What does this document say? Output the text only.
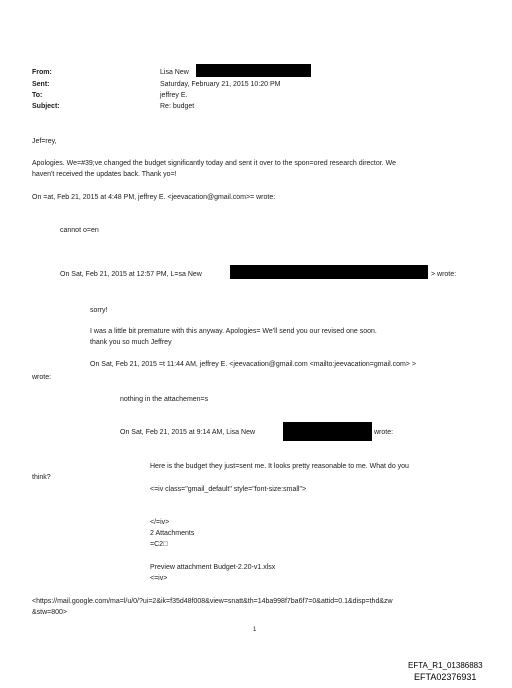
From:
Sent:
To:
Subject:
Lisa New
Saturday, February 21, 2015 10:20 PM
jeffrey E.
Re: budget
Jef=rey,
Apologies. We=#39;ve changed the budget significantly today and sent it over to the spon=ored research director. We
haven't received the updates back. Thank yo=!
On =at, Feb 21, 2015 at 4:48 PM, jeffrey E. <jeevacation@gmail.com>= wrote:
cannot o=en
On Sat, Feb 21, 2015 at 12:57 PM, L=sa New	> wrote:
sorry!
I was a little bit premature with this anyway. Apologies= We'll send you our revised one soon.
thank you so much Jeffrey
On Sat, Feb 21, 2015 =t 11:44 AM, jeffrey E. <jeevacation@gmail.com <mailto:jeevacation=gmail.com> >
wrote:
nothing in the attachemen=s
On Sat, Feb 21, 2015 at 9:14 AM, Lisa New	wrote:
Here is the budget they just=sent me. It looks pretty reasonable to me. What do you
think?
<=iv class="gmail_default" style="font-size:small">
</=iv>
2 Attachments
=C2 
Preview attachment Budget-2.20-v1.xlsx
<=iv>
<https://mail.google.com/ma=l/u/0/?ui=2&ik=f35d48f008&view=snatt&th=14ba998f7ba6f7=0&attid=0.1&disp=thd&zw
&stw=800>
1
EFTA_R1_01386883
EFTA02376931
